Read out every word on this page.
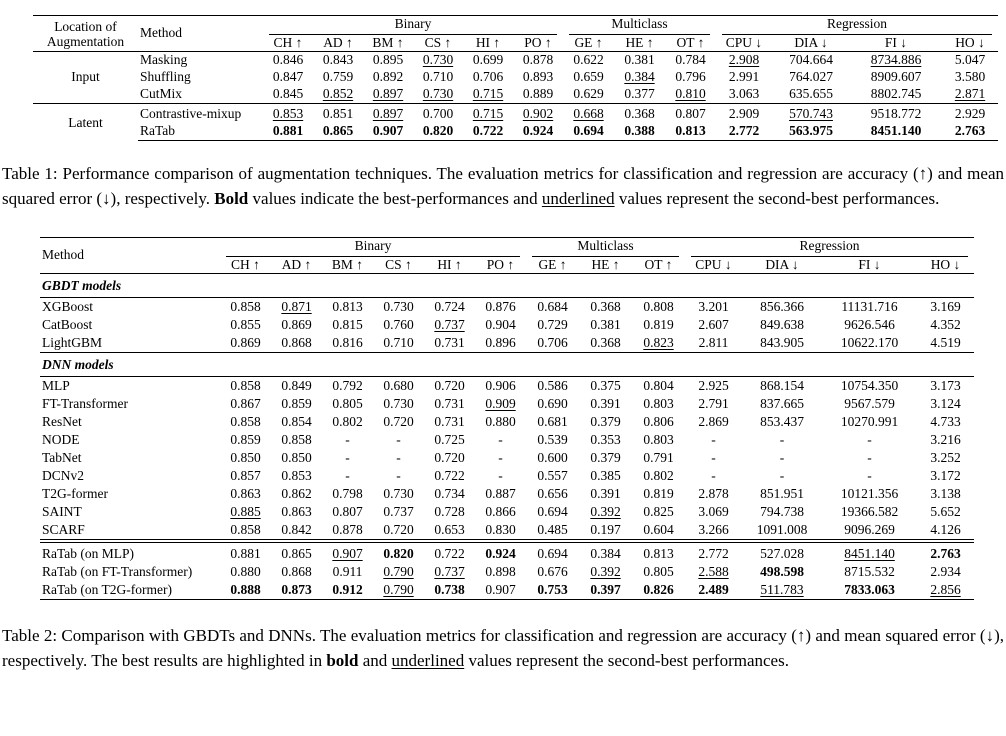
Location of Augmentation	Method	Binary						Multiclass			Regression			
		CH ↑	AD ↑	BM ↑	CS ↑	HI ↑	PO ↑	GE ↑	HE ↑	OT ↑	CPU ↓	DIA ↓	FI ↓	HO ↓
Input	Masking	0.846	0.843	0.895	0.730	0.699	0.878	0.622	0.381	0.784	2.908	704.664	8734.886	5.047
	Shuffling	0.847	0.759	0.892	0.710	0.706	0.893	0.659	0.384	0.796	2.991	764.027	8909.607	3.580
	CutMix	0.845	0.852	0.897	0.730	0.715	0.889	0.629	0.377	0.810	3.063	635.655	8802.745	2.871
Latent	Contrastive-mixup	0.853	0.851	0.897	0.700	0.715	0.902	0.668	0.368	0.807	2.909	570.743	9518.772	2.929
	RaTab	0.881	0.865	0.907	0.820	0.722	0.924	0.694	0.388	0.813	2.772	563.975	8451.140	2.763

Table 1: Performance comparison of augmentation techniques. The evaluation metrics for classification and regression are accuracy (↑) and mean squared error (↓), respectively. Bold values indicate the best-performances and underlined values represent the second-best performances.

Method	Binary						Multiclass			Regression			
	CH ↑	AD ↑	BM ↑	CS ↑	HI ↑	PO ↑	GE ↑	HE ↑	OT ↑	CPU ↓	DIA ↓	FI ↓	HO ↓
GBDT models													
XGBoost	0.858	0.871	0.813	0.730	0.724	0.876	0.684	0.368	0.808	3.201	856.366	11131.716	3.169
CatBoost	0.855	0.869	0.815	0.760	0.737	0.904	0.729	0.381	0.819	2.607	849.638	9626.546	4.352
LightGBM	0.869	0.868	0.816	0.710	0.731	0.896	0.706	0.368	0.823	2.811	843.905	10622.170	4.519
DNN models													
MLP	0.858	0.849	0.792	0.680	0.720	0.906	0.586	0.375	0.804	2.925	868.154	10754.350	3.173
FT-Transformer	0.867	0.859	0.805	0.730	0.731	0.909	0.690	0.391	0.803	2.791	837.665	9567.579	3.124
ResNet	0.858	0.854	0.802	0.720	0.731	0.880	0.681	0.379	0.806	2.869	853.437	10270.991	4.733
NODE	0.859	0.858	-	-	0.725	-	0.539	0.353	0.803	-	-	-	3.216
TabNet	0.850	0.850	-	-	0.720	-	0.600	0.379	0.791	-	-	-	3.252
DCNv2	0.857	0.853	-	-	0.722	-	0.557	0.385	0.802	-	-	-	3.172
T2G-former	0.863	0.862	0.798	0.730	0.734	0.887	0.656	0.391	0.819	2.878	851.951	10121.356	3.138
SAINT	0.885	0.863	0.807	0.737	0.728	0.866	0.694	0.392	0.825	3.069	794.738	19366.582	5.652
SCARF	0.858	0.842	0.878	0.720	0.653	0.830	0.485	0.197	0.604	3.266	1091.008	9096.269	4.126
RaTab (on MLP)	0.881	0.865	0.907	0.820	0.722	0.924	0.694	0.384	0.813	2.772	527.028	8451.140	2.763
RaTab (on FT-Transformer)	0.880	0.868	0.911	0.790	0.737	0.898	0.676	0.392	0.805	2.588	498.598	8715.532	2.934
RaTab (on T2G-former)	0.888	0.873	0.912	0.790	0.738	0.907	0.753	0.397	0.826	2.489	511.783	7833.063	2.856

Table 2: Comparison with GBDTs and DNNs. The evaluation metrics for classification and regression are accuracy (↑) and mean squared error (↓), respectively. The best results are highlighted in bold and underlined values represent the second-best performances.
